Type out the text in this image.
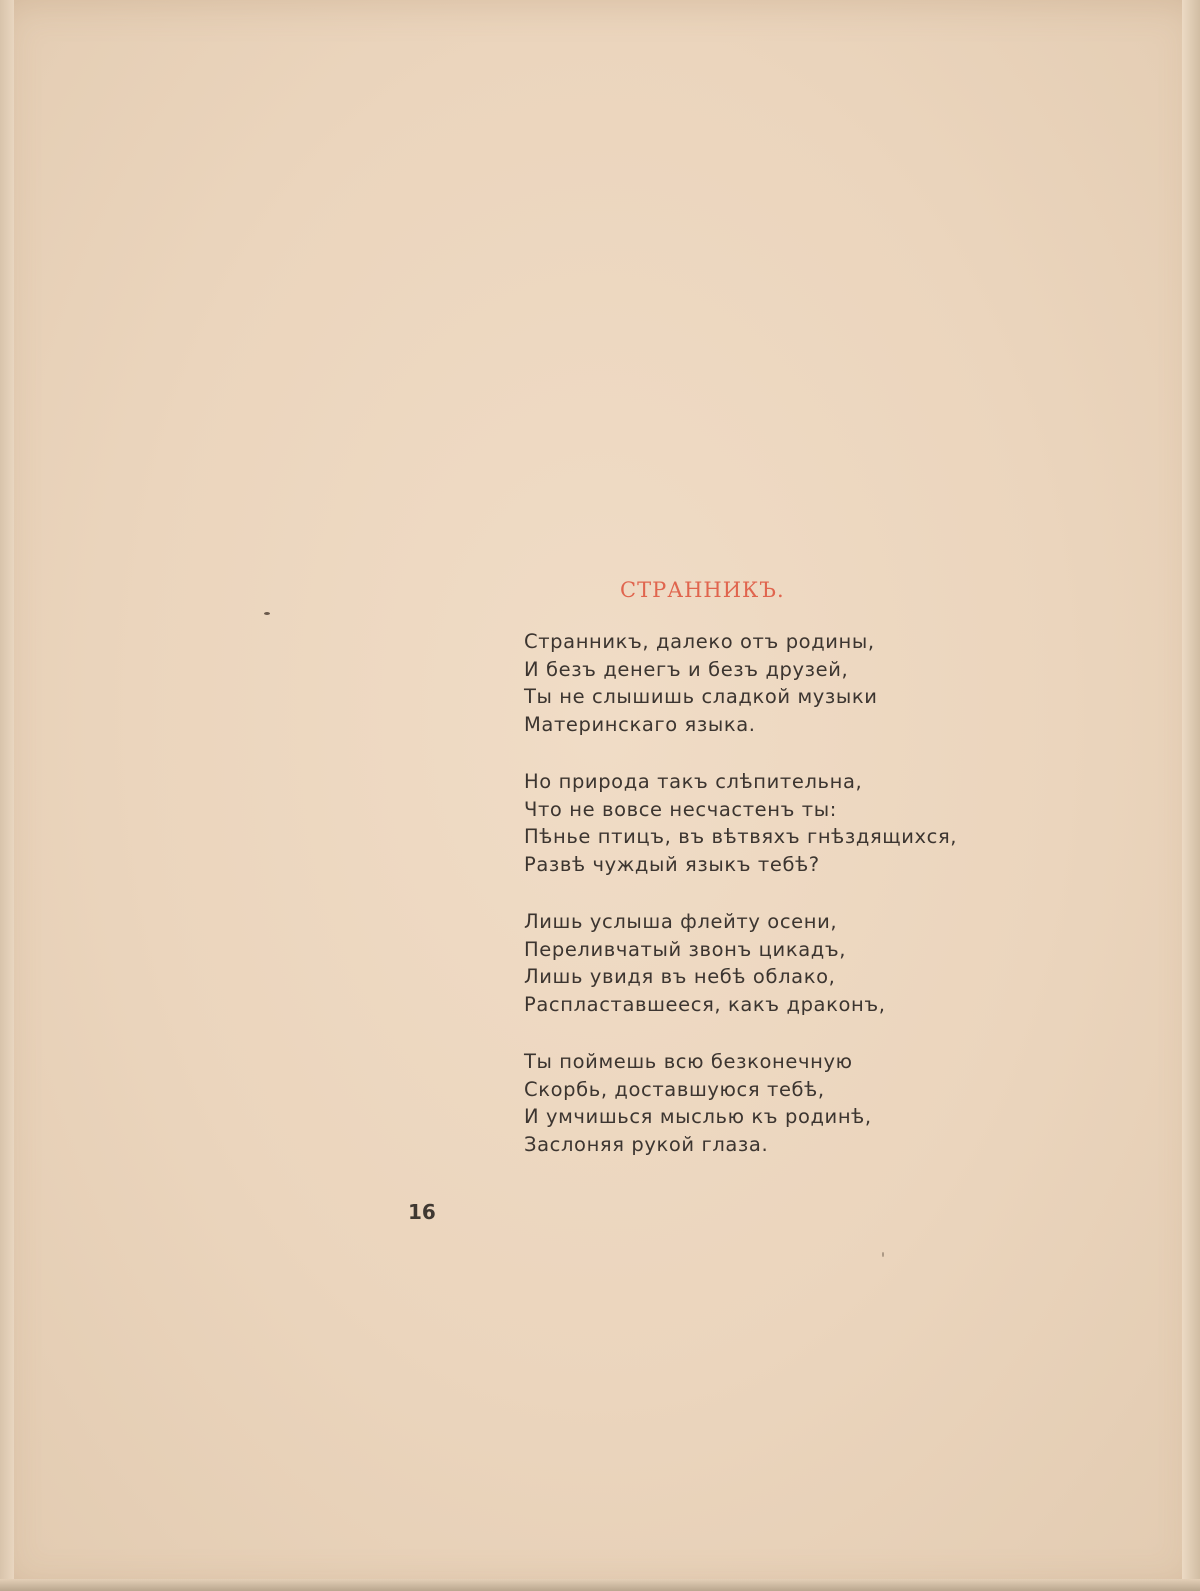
СТРАННИКЪ.
Странникъ, далеко отъ родины,
И безъ денегъ и безъ друзей,
Ты не слышишь сладкой музыки
Материнскаго языка.
Но природа такъ слѣпительна,
Что не вовсе несчастенъ ты:
Пѣнье птицъ, въ вѣтвяхъ гнѣздящихся,
Развѣ чуждый языкъ тебѣ?
Лишь услыша флейту осени,
Переливчатый звонъ цикадъ,
Лишь увидя въ небѣ облако,
Распластавшееся, какъ драконъ,
Ты поймешь всю безконечную
Скорбь, доставшуюся тебѣ,
И умчишься мыслью къ родинѣ,
Заслоняя рукой глаза.
16
